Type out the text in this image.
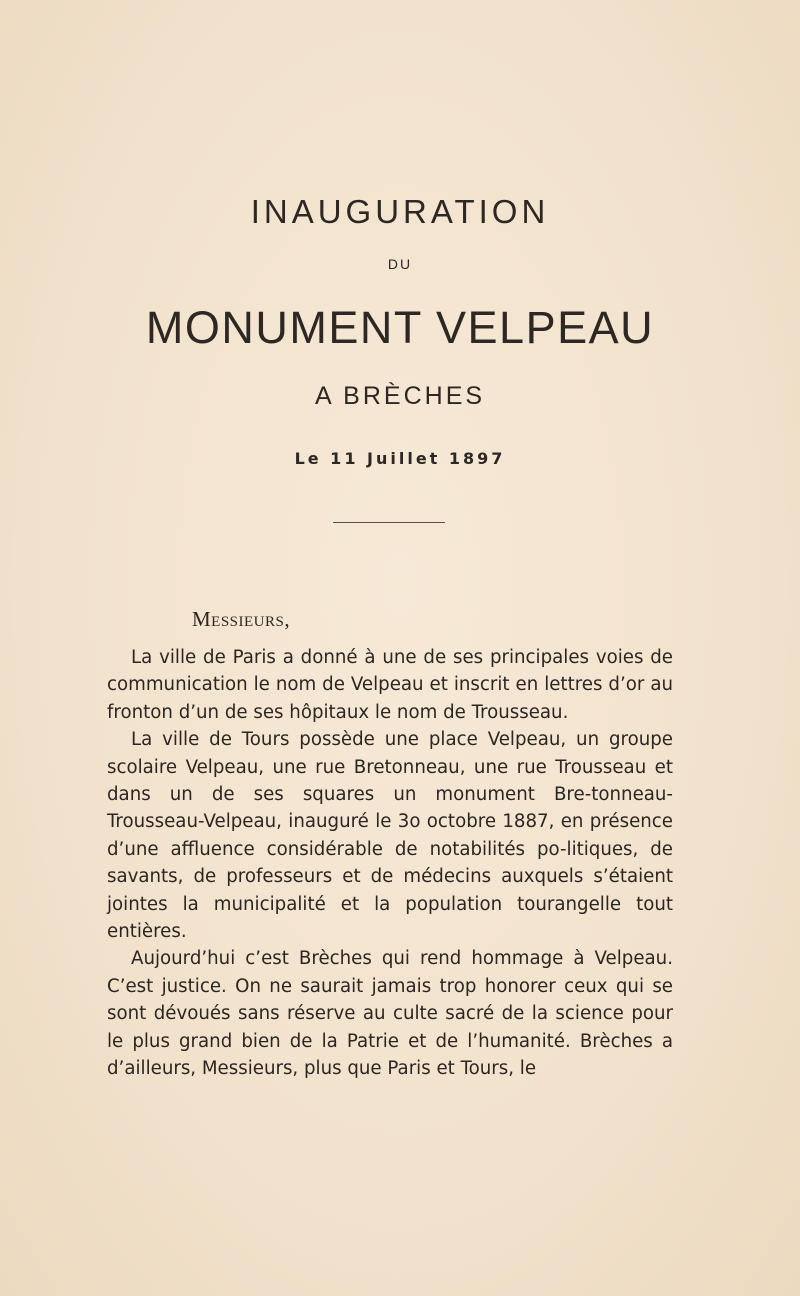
INAUGURATION
DU
MONUMENT VELPEAU
A BRÈCHES
Le 11 Juillet 1897
Messieurs,

La ville de Paris a donné à une de ses principales voies de communication le nom de Velpeau et inscrit en lettres d’or au fronton d’un de ses hôpitaux le nom de Trousseau.

La ville de Tours possède une place Velpeau, un groupe scolaire Velpeau, une rue Bretonneau, une rue Trousseau et dans un de ses squares un monument Bre-tonneau-Trousseau-Velpeau, inauguré le 3o octobre 1887, en présence d’une affluence considérable de notabilités po-litiques, de savants, de professeurs et de médecins auxquels s’étaient jointes la municipalité et la population tourangelle tout entières.

Aujourd’hui c’est Brèches qui rend hommage à Velpeau. C’est justice. On ne saurait jamais trop honorer ceux qui se sont dévoués sans réserve au culte sacré de la science pour le plus grand bien de la Patrie et de l’humanité. Brèches a d’ailleurs, Messieurs, plus que Paris et Tours, le
